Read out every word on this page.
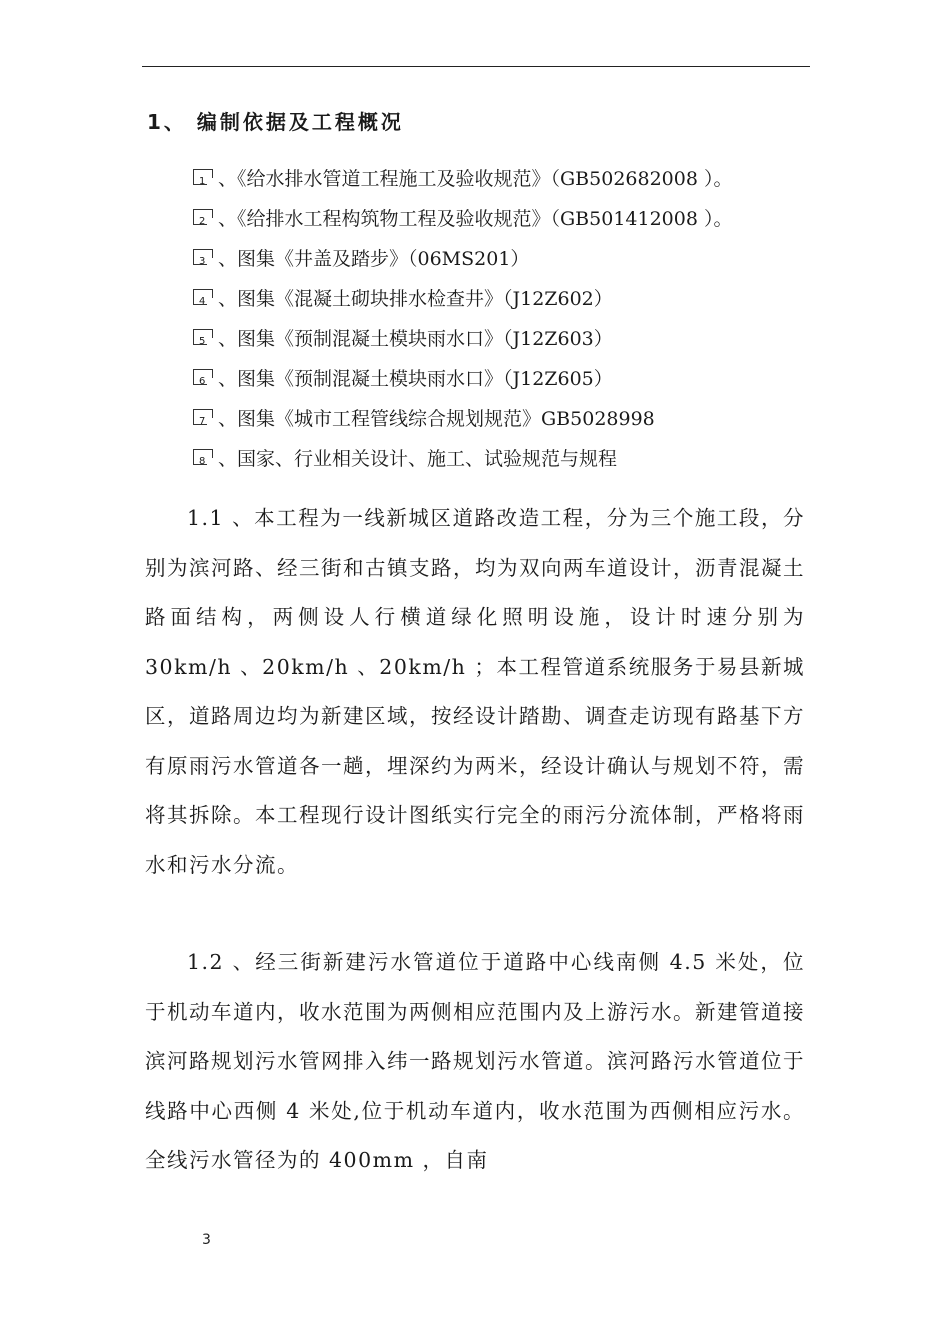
1、 编制依据及工程概况
1 、《给水排水管道工程施工及验收规范》（GB502682008 ）。
2 、《给排水工程构筑物工程及验收规范》（GB501412008 ）。
3 、图集《井盖及踏步》（06MS201）
4 、图集《混凝土砌块排水检查井》（J12Z602）
5 、图集《预制混凝土模块雨水口》（J12Z603）
6 、图集《预制混凝土模块雨水口》（J12Z605）
7 、图集《城市工程管线综合规划规范》GB5028998
8 、国家、行业相关设计、施工、试验规范与规程
1.1 、本工程为一线新城区道路改造工程，分为三个施工段，分别为滨河路、经三街和古镇支路，均为双向两车道设计，沥青混凝土路面结构，两侧设人行横道绿化照明设施，设计时速分别为 30km/h 、20km/h 、20km/h ；本工程管道系统服务于易县新城区，道路周边均为新建区域，按经设计踏勘、调查走访现有路基下方有原雨污水管道各一趟，埋深约为两米，经设计确认与规划不符，需将其拆除。本工程现行设计图纸实行完全的雨污分流体制，严格将雨水和污水分流。
1.2 、经三街新建污水管道位于道路中心线南侧 4.5 米处，位于机动车道内，收水范围为两侧相应范围内及上游污水。新建管道接滨河路规划污水管网排入纬一路规划污水管道。滨河路污水管道位于线路中心西侧 4 米处,位于机动车道内，收水范围为西侧相应污水。全线污水管径为的 400mm ，自南
3
